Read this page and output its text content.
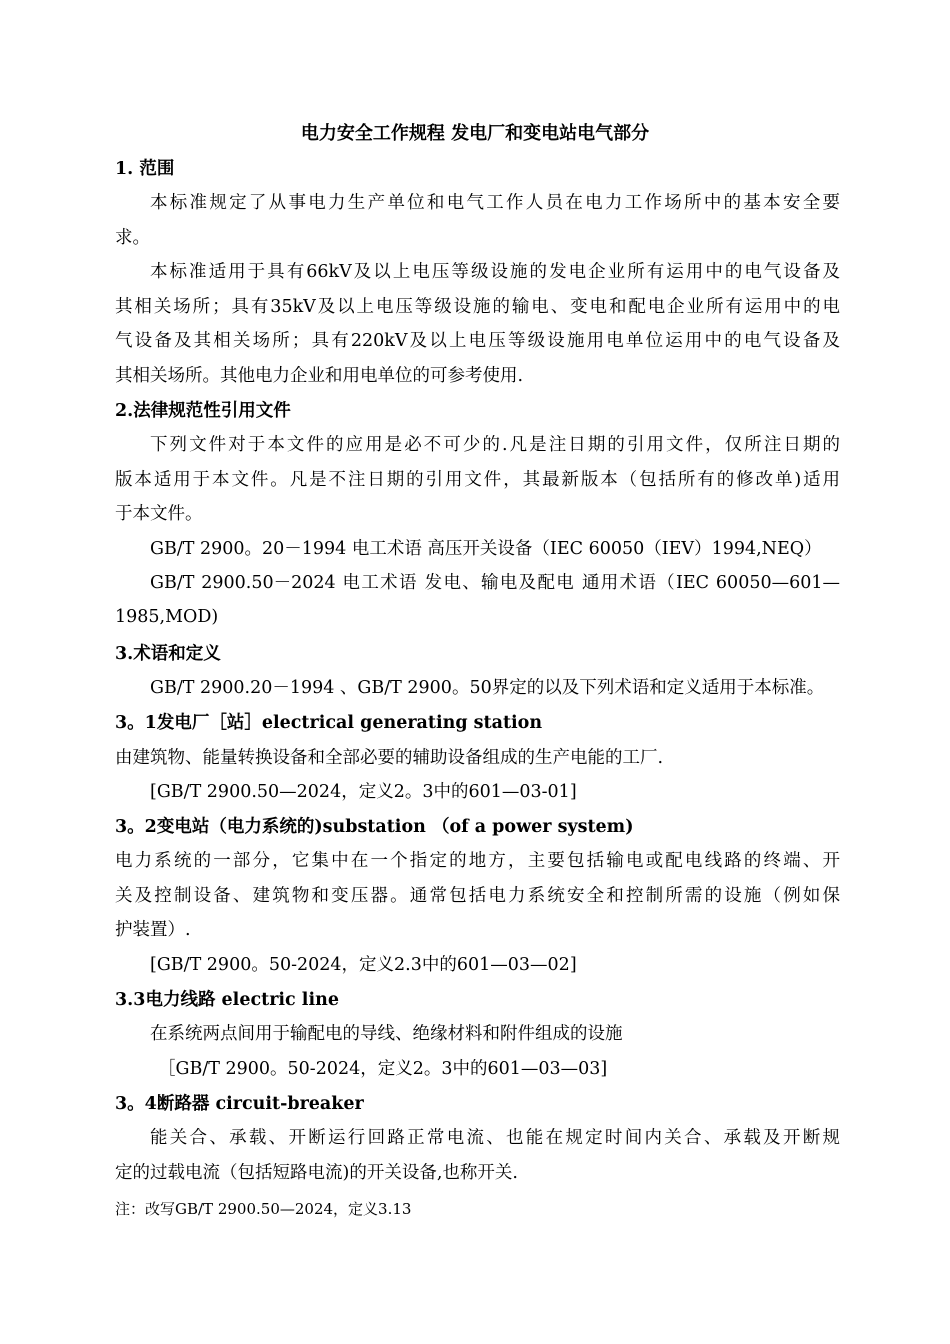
电力安全工作规程 发电厂和变电站电气部分
1. 范围
本标准规定了从事电力生产单位和电气工作人员在电力工作场所中的基本安全要
求。
本标准适用于具有66kV及以上电压等级设施的发电企业所有运用中的电气设备及
其相关场所；具有35kV及以上电压等级设施的输电、变电和配电企业所有运用中的电
气设备及其相关场所；具有220kV及以上电压等级设施用电单位运用中的电气设备及
其相关场所。其他电力企业和用电单位的可参考使用.
2.法律规范性引用文件
下列文件对于本文件的应用是必不可少的.凡是注日期的引用文件，仅所注日期的
版本适用于本文件。凡是不注日期的引用文件，其最新版本（包括所有的修改单)适用
于本文件。
GB/T 2900。20－1994 电工术语 高压开关设备（IEC 60050（IEV）1994,NEQ）
GB/T 2900.50－2024 电工术语 发电、输电及配电 通用术语（IEC 60050—601—
1985,MOD)
3.术语和定义
GB/T 2900.20－1994 、GB/T 2900。50界定的以及下列术语和定义适用于本标准。
3。1发电厂［站］electrical generating station
由建筑物、能量转换设备和全部必要的辅助设备组成的生产电能的工厂.
[GB/T 2900.50—2024，定义2。3中的601—03-01]
3。2变电站（电力系统的)substation （of a power system)
电力系统的一部分，它集中在一个指定的地方，主要包括输电或配电线路的终端、开
关及控制设备、建筑物和变压器。通常包括电力系统安全和控制所需的设施（例如保
护装置）.
[GB/T 2900。50-2024，定义2.3中的601—03—02]
3.3电力线路 electric line
在系统两点间用于输配电的导线、绝缘材料和附件组成的设施
［GB/T 2900。50-2024，定义2。3中的601—03—03]
3。4断路器 circuit-breaker
能关合、承载、开断运行回路正常电流、也能在规定时间内关合、承载及开断规
定的过载电流（包括短路电流)的开关设备,也称开关.
注：改写GB/T 2900.50—2024，定义3.13
